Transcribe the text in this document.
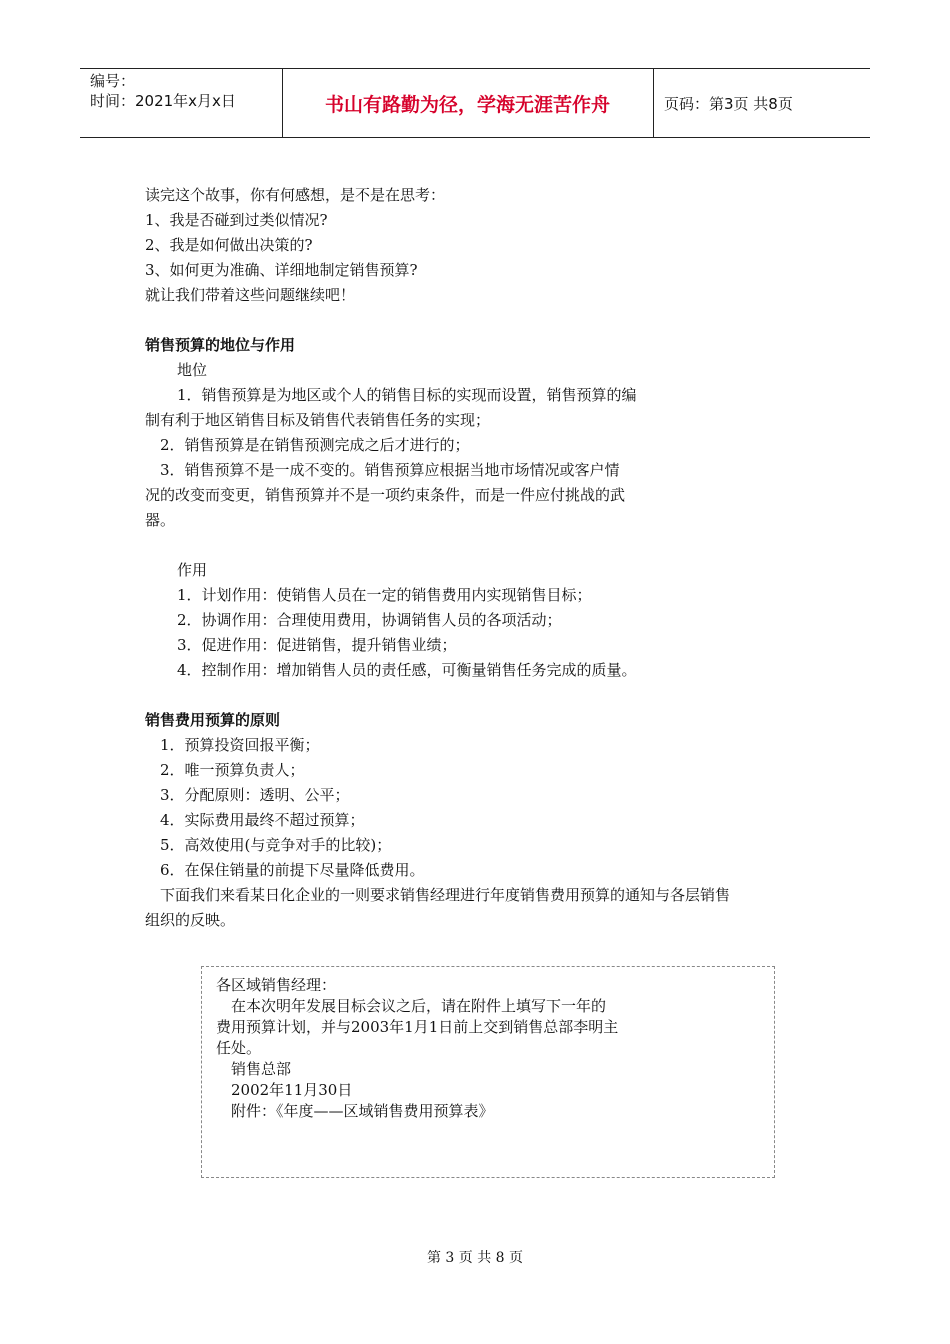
编号：
时间：2021年x月x日	书山有路勤为径，学海无涯苦作舟	页码：第3页 共8页
读完这个故事，你有何感想，是不是在思考：
1、我是否碰到过类似情况?
2、我是如何做出决策的?
3、如何更为准确、详细地制定销售预算?
就让我们带着这些问题继续吧！
销售预算的地位与作用
地位
1．销售预算是为地区或个人的销售目标的实现而设置，销售预算的编
制有利于地区销售目标及销售代表销售任务的实现；
2．销售预算是在销售预测完成之后才进行的；
3．销售预算不是一成不变的。销售预算应根据当地市场情况或客户情
况的改变而变更，销售预算并不是一项约束条件，而是一件应付挑战的武
器。
作用
1．计划作用：使销售人员在一定的销售费用内实现销售目标；
2．协调作用：合理使用费用，协调销售人员的各项活动；
3．促进作用：促进销售，提升销售业绩；
4．控制作用：增加销售人员的责任感，可衡量销售任务完成的质量。
销售费用预算的原则
1．预算投资回报平衡；
2．唯一预算负责人；
3．分配原则：透明、公平；
4．实际费用最终不超过预算；
5．高效使用(与竞争对手的比较)；
6．在保住销量的前提下尽量降低费用。
下面我们来看某日化企业的一则要求销售经理进行年度销售费用预算的通知与各层销售
组织的反映。
各区域销售经理：
在本次明年发展目标会议之后，请在附件上填写下一年的
费用预算计划，并与2003年1月1日前上交到销售总部李明主
任处。
销售总部
2002年11月30日
附件：《年度——区域销售费用预算表》
第 3 页 共 8 页
